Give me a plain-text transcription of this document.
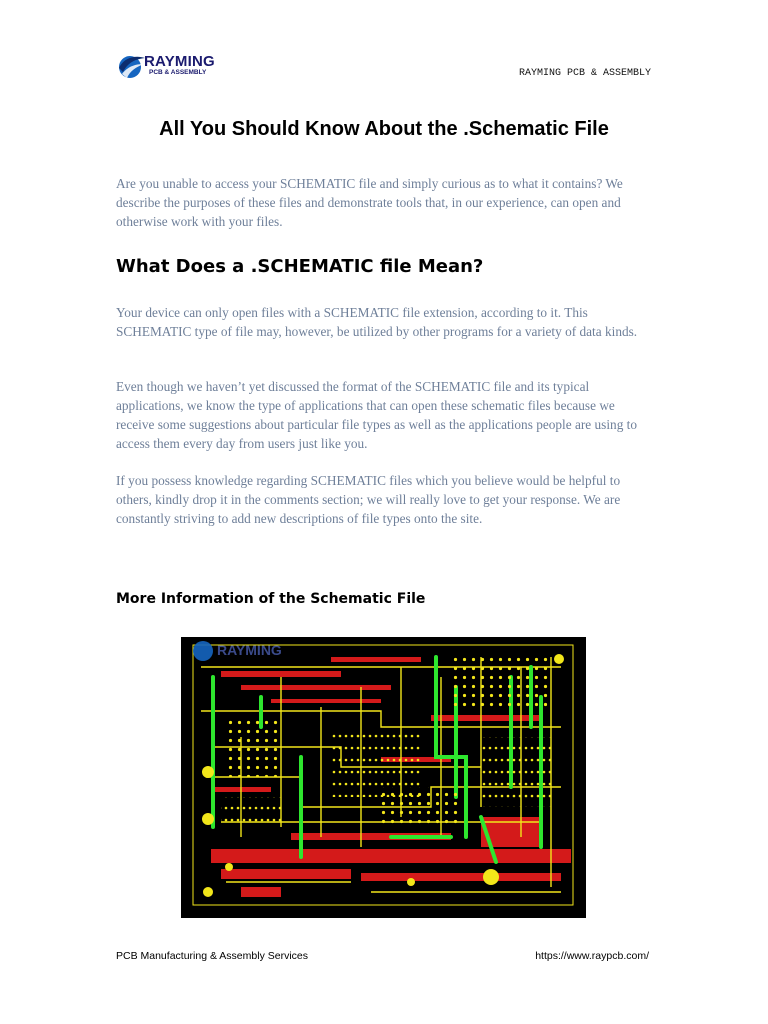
RAYMING
PCB & ASSEMBLY	RAYMING PCB & ASSEMBLY
All You Should Know About the .Schematic File

Are you unable to access your SCHEMATIC file and simply curious as to what it contains? We describe the purposes of these files and demonstrate tools that, in our experience, can open and otherwise work with your files.

What Does a .SCHEMATIC file Mean?

Your device can only open files with a SCHEMATIC file extension, according to it. This SCHEMATIC type of file may, however, be utilized by other programs for a variety of data kinds.

Even though we haven’t yet discussed the format of the SCHEMATIC file and its typical applications, we know the type of applications that can open these schematic files because we receive some suggestions about particular file types as well as the applications people are using to access them every day from users just like you.

If you possess knowledge regarding SCHEMATIC files which you believe would be helpful to others, kindly drop it in the comments section; we will really love to get your response. We are constantly striving to add new descriptions of file types onto the site.

More Information of the Schematic File
RAYMING
PCB Manufacturing & Assembly Services	https://www.raypcb.com/
